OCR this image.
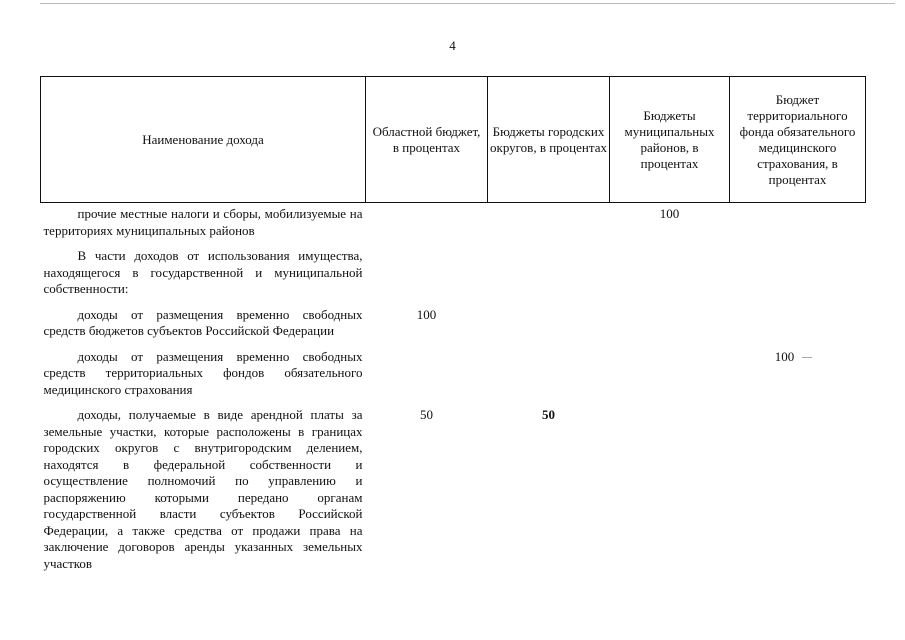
4
Наименование дохода	Областной бюджет, в процентах	Бюджеты городских округов, в процентах	Бюджеты муниципальных районов, в процентах	Бюджет территориального фонда обязательного медицинского страхования, в процентах
прочие местные налоги и сборы, мобилизуемые на территориях муниципальных районов			100	
В части доходов от использования имущества, находящегося в государственной и муниципальной собственности:				
доходы от размещения временно свободных средств бюджетов субъектов Российской Федерации	100			
доходы от размещения временно свободных средств территориальных фондов обязательного медицинского страхования				100
доходы, получаемые в виде арендной платы за земельные участки, которые расположены в границах городских округов с внутригородским делением, находятся в федеральной собственности и осуществление полномочий по управлению и распоряжению которыми передано органам государственной власти субъектов Российской Федерации, а также средства от продажи права на заключение договоров аренды указанных земельных участков	50	50		
